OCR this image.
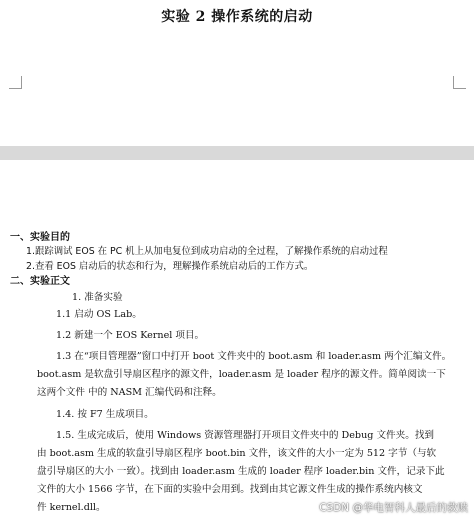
实验 2 操作系统的启动
一、实验目的
1.跟踪调试 EOS 在 PC 机上从加电复位到成功启动的全过程，了解操作系统的启动过程
2.查看 EOS 启动后的状态和行为，理解操作系统启动后的工作方式。
二、实验正文
1. 准备实验
1.1 启动 OS Lab。
1.2 新建一个 EOS Kernel 项目。
1.3 在“项目管理器”窗口中打开 boot 文件夹中的 boot.asm 和 loader.asm 两个汇编文件。
boot.asm 是软盘引导扇区程序的源文件，loader.asm 是 loader 程序的源文件。简单阅读一下
这两个文件 中的 NASM 汇编代码和注释。
1.4. 按 F7 生成项目。
1.5. 生成完成后，使用 Windows 资源管理器打开项目文件夹中的 Debug 文件夹。找到
由 boot.asm 生成的软盘引导扇区程序 boot.bin 文件，该文件的大小一定为 512 字节（与软
盘引导扇区的大小 一致）。找到由 loader.asm 生成的 loader 程序 loader.bin 文件，记录下此
文件的大小 1566 字节，在下面的实验中会用到。找到由其它源文件生成的操作系统内核文
件 kernel.dll。	CSDN @华电智科人最后的救赎
